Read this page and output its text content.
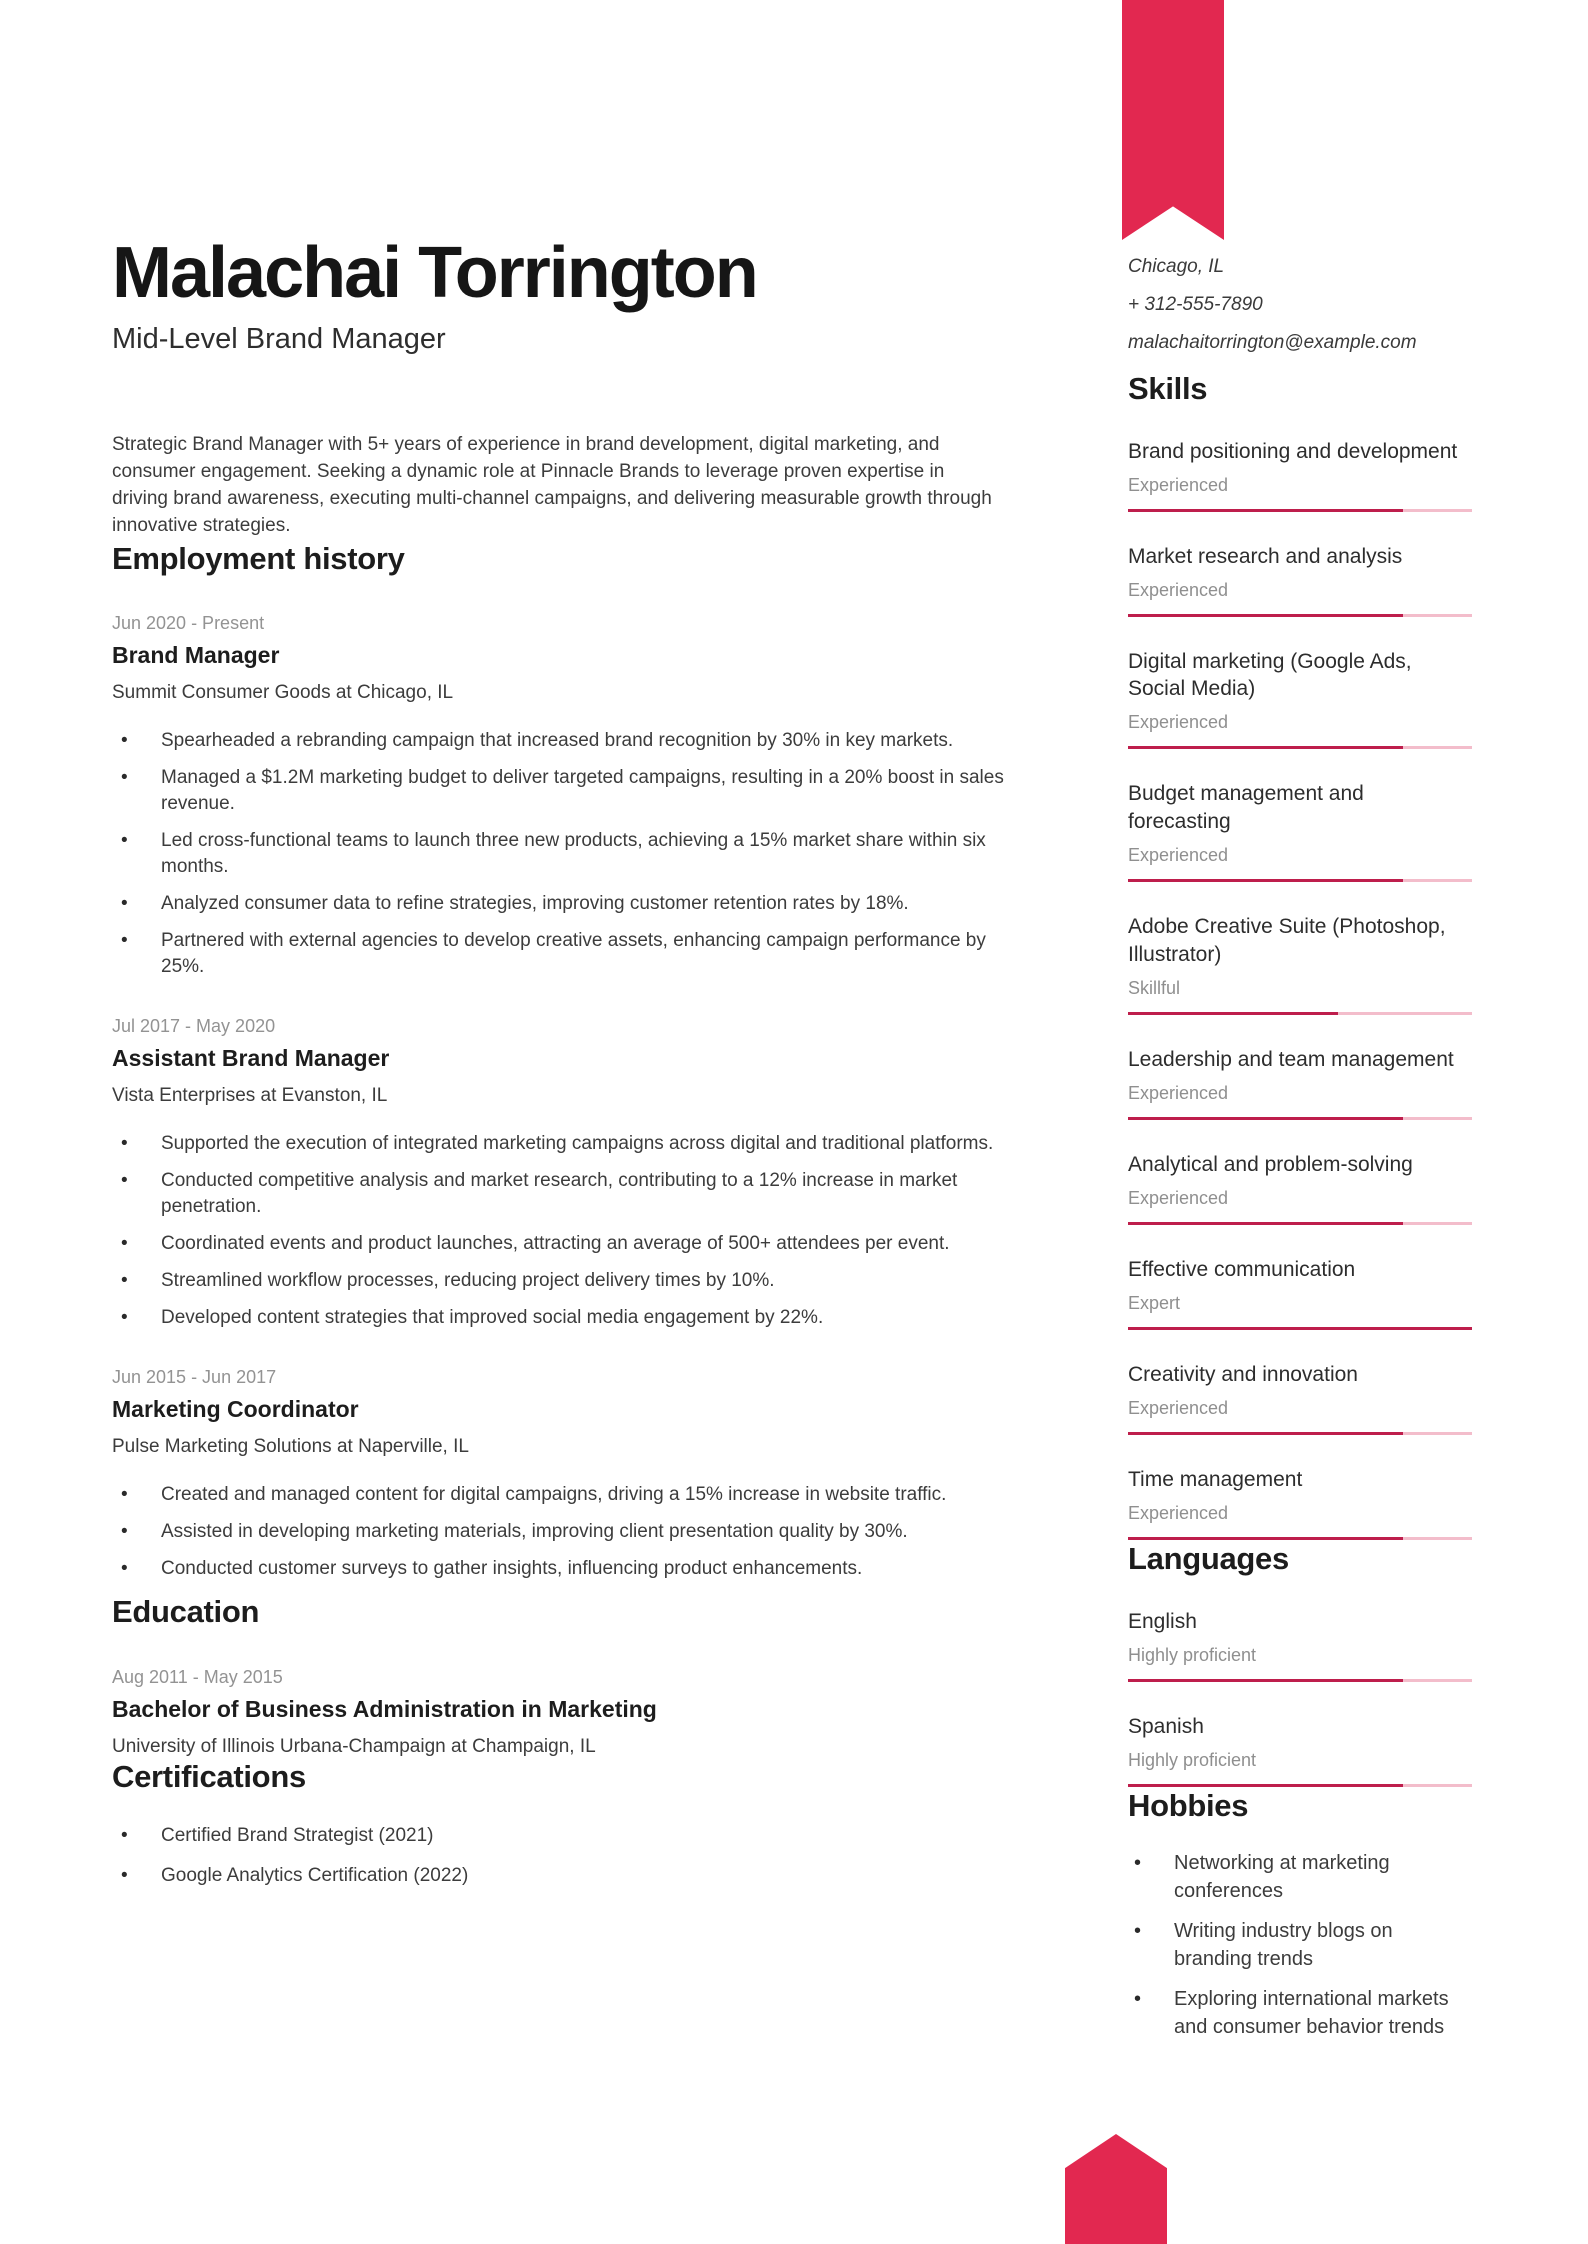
Malachai Torrington
Mid-Level Brand Manager

Strategic Brand Manager with 5+ years of experience in brand development, digital marketing, and consumer engagement. Seeking a dynamic role at Pinnacle Brands to leverage proven expertise in driving brand awareness, executing multi-channel campaigns, and delivering measurable growth through innovative strategies.

Employment history
Jun 2020 - Present
Brand Manager
Summit Consumer Goods at Chicago, IL
• Spearheaded a rebranding campaign that increased brand recognition by 30% in key markets.
• Managed a $1.2M marketing budget to deliver targeted campaigns, resulting in a 20% boost in sales revenue.
• Led cross-functional teams to launch three new products, achieving a 15% market share within six months.
• Analyzed consumer data to refine strategies, improving customer retention rates by 18%.
• Partnered with external agencies to develop creative assets, enhancing campaign performance by 25%.
Jul 2017 - May 2020
Assistant Brand Manager
Vista Enterprises at Evanston, IL
• Supported the execution of integrated marketing campaigns across digital and traditional platforms.
• Conducted competitive analysis and market research, contributing to a 12% increase in market penetration.
• Coordinated events and product launches, attracting an average of 500+ attendees per event.
• Streamlined workflow processes, reducing project delivery times by 10%.
• Developed content strategies that improved social media engagement by 22%.
Jun 2015 - Jun 2017
Marketing Coordinator
Pulse Marketing Solutions at Naperville, IL
• Created and managed content for digital campaigns, driving a 15% increase in website traffic.
• Assisted in developing marketing materials, improving client presentation quality by 30%.
• Conducted customer surveys to gather insights, influencing product enhancements.
Education
Aug 2011 - May 2015
Bachelor of Business Administration in Marketing
University of Illinois Urbana-Champaign at Champaign, IL
Certifications
• Certified Brand Strategist (2021)
• Google Analytics Certification (2022)
Chicago, IL
+ 312-555-7890
malachaitorrington@example.com
Skills
Brand positioning and development
Experienced
Market research and analysis
Experienced
Digital marketing (Google Ads, Social Media)
Experienced
Budget management and forecasting
Experienced
Adobe Creative Suite (Photoshop, Illustrator)
Skillful
Leadership and team management
Experienced
Analytical and problem-solving
Experienced
Effective communication
Expert
Creativity and innovation
Experienced
Time management
Experienced
Languages
English
Highly proficient
Spanish
Highly proficient
Hobbies
• Networking at marketing conferences
• Writing industry blogs on branding trends
• Exploring international markets and consumer behavior trends
